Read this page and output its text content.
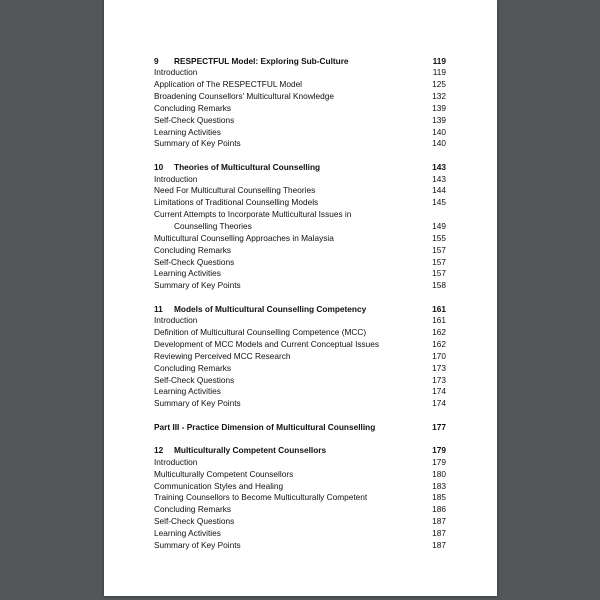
9 RESPECTFUL Model: Exploring Sub-Culture	119
Introduction	119
Application of The RESPECTFUL Model	125
Broadening Counsellors’ Multicultural Knowledge	132
Concluding Remarks	139
Self-Check Questions	139
Learning Activities	140
Summary of Key Points	140
10 Theories of Multicultural Counselling	143
Introduction	143
Need For Multicultural Counselling Theories	144
Limitations of Traditional Counselling Models	145
Current Attempts to Incorporate Multicultural Issues in
Counselling Theories	149
Multicultural Counselling Approaches in Malaysia	155
Concluding Remarks	157
Self-Check Questions	157
Learning Activities	157
Summary of Key Points	158
11 Models of Multicultural Counselling Competency	161
Introduction	161
Definition of Multicultural Counselling Competence (MCC)	162
Development of MCC Models and Current Conceptual Issues	162
Reviewing Perceived MCC Research	170
Concluding Remarks	173
Self-Check Questions	173
Learning Activities	174
Summary of Key Points	174
Part III - Practice Dimension of Multicultural Counselling	177
12 Multiculturally Competent Counsellors	179
Introduction	179
Multiculturally Competent Counsellors	180
Communication Styles and Healing	183
Training Counsellors to Become Multiculturally Competent	185
Concluding Remarks	186
Self-Check Questions	187
Learning Activities	187
Summary of Key Points	187
